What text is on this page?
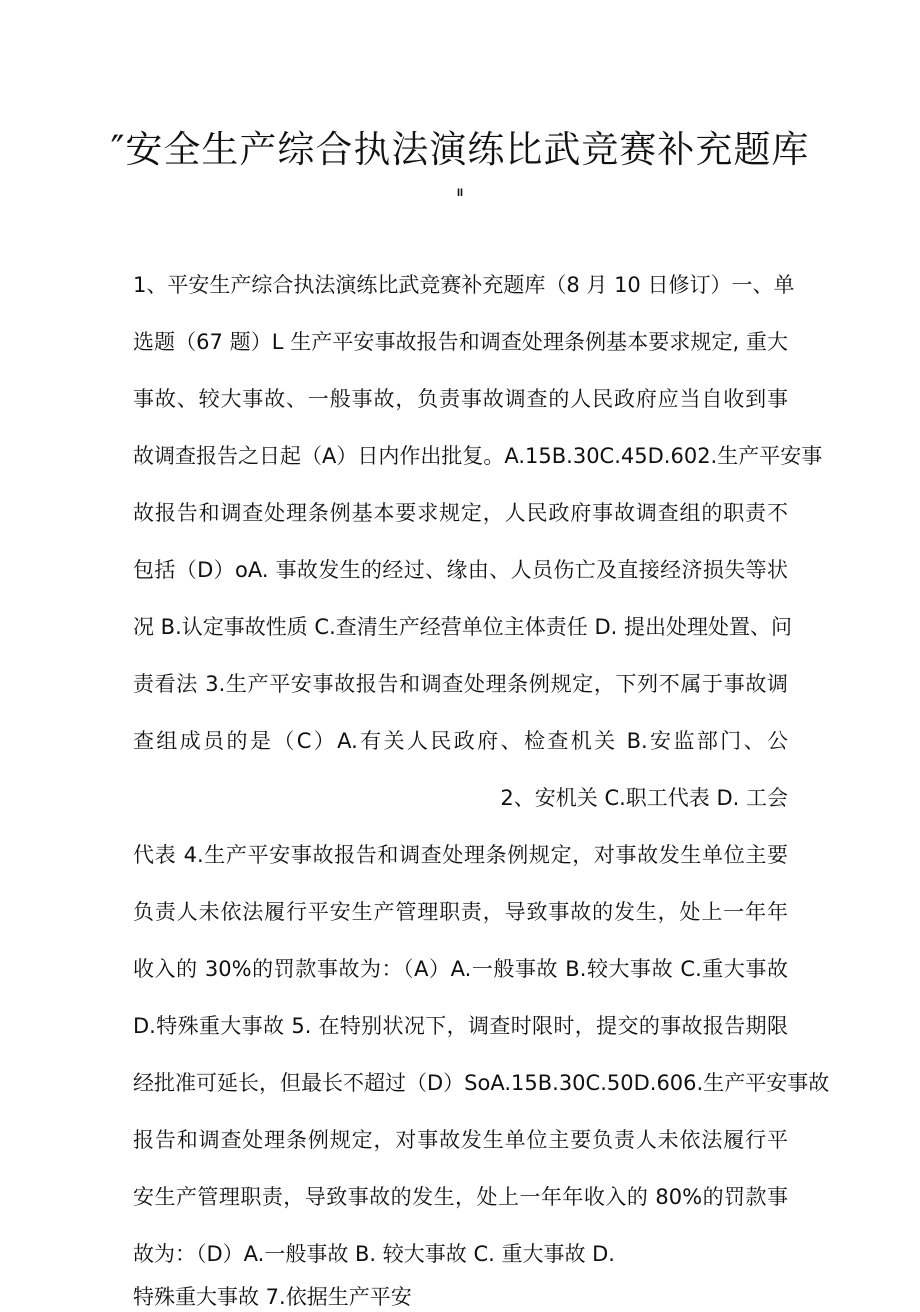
″安全生产综合执法演练比武竞赛补充题库
II
1、平安生产综合执法演练比武竞赛补充题库（8 月 10 日修订）一、单
选题（67 题）L 生产平安事故报告和调查处理条例基本要求规定, 重大
事故、较大事故、一般事故，负责事故调查的人民政府应当自收到事
故调查报告之日起（A）日内作出批复。A.15B.30C.45D.602.生产平安事
故报告和调查处理条例基本要求规定，人民政府事故调查组的职责不
包括（D）oA. 事故发生的经过、缘由、人员伤亡及直接经济损失等状
况 B.认定事故性质 C.查清生产经营单位主体责任 D. 提出处理处置、问
责看法 3.生产平安事故报告和调查处理条例规定，下列不属于事故调
查组成员的是（C）A.有关人民政府、检查机关 B.安监部门、公
2、安机关 C.职工代表 D. 工会
代表 4.生产平安事故报告和调查处理条例规定，对事故发生单位主要
负责人未依法履行平安生产管理职责，导致事故的发生，处上一年年
收入的 30%的罚款事故为：（A）A.一般事故 B.较大事故 C.重大事故
D.特殊重大事故 5. 在特别状况下，调查时限时，提交的事故报告期限
经批准可延长，但最长不超过（D）SoA.15B.30C.50D.606.生产平安事故
报告和调查处理条例规定，对事故发生单位主要负责人未依法履行平
安生产管理职责，导致事故的发生，处上一年年收入的 80%的罚款事
故为：（D）A.一般事故 B. 较大事故 C. 重大事故 D.
特殊重大事故 7.依据生产平安
